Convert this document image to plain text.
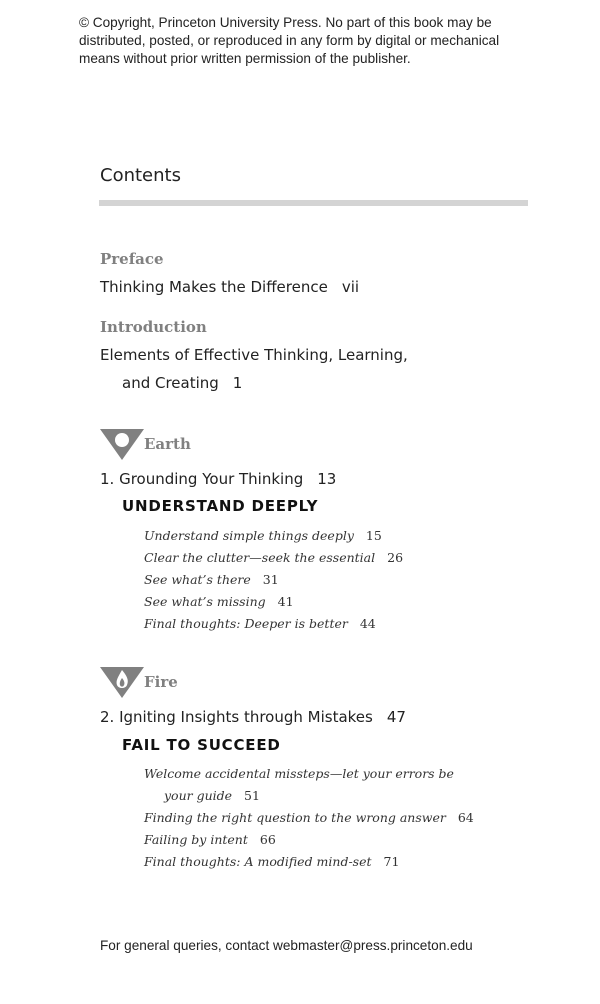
© Copyright, Princeton University Press. No part of this book may be
distributed, posted, or reproduced in any form by digital or mechanical
means without prior written permission of the publisher.
Contents
Preface
Thinking Makes the Difference vii
Introduction
Elements of Effective Thinking, Learning,
and Creating 1
Earth
1. Grounding Your Thinking 13
UNDERSTAND DEEPLY
Understand simple things deeply 15
Clear the clutter—seek the essential 26
See what’s there 31
See what’s missing 41
Final thoughts: Deeper is better 44
Fire
2. Igniting Insights through Mistakes 47
FAIL TO SUCCEED
Welcome accidental missteps—let your errors be
your guide 51
Finding the right question to the wrong answer 64
Failing by intent 66
Final thoughts: A modified mind-set 71
For general queries, contact webmaster@press.princeton.edu
